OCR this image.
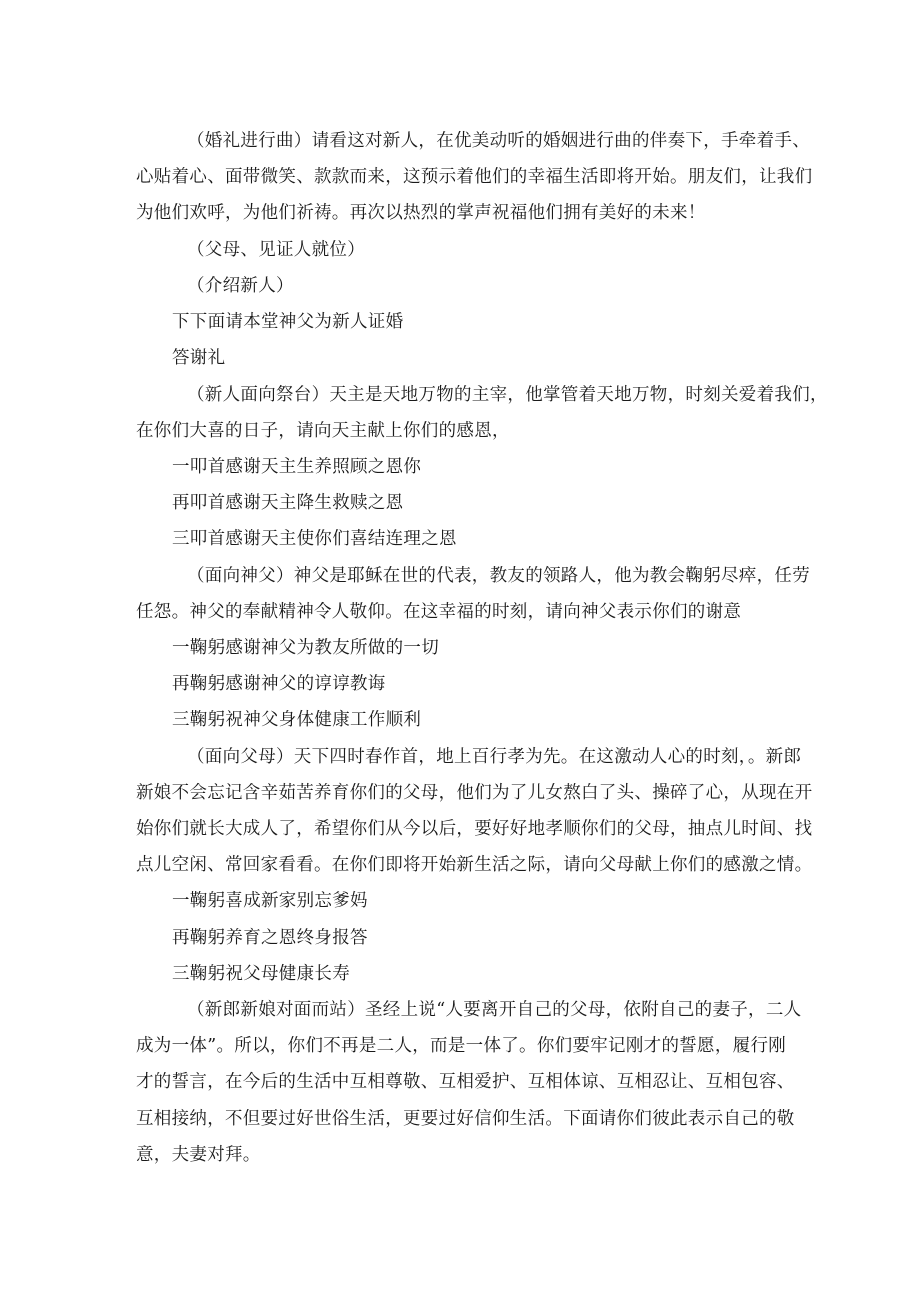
（婚礼进行曲）请看这对新人，在优美动听的婚姻进行曲的伴奏下，手牵着手、
心贴着心、面带微笑、款款而来，这预示着他们的幸福生活即将开始。朋友们，让我们
为他们欢呼，为他们祈祷。再次以热烈的掌声祝福他们拥有美好的未来！
（父母、见证人就位）
（介绍新人）
下下面请本堂神父为新人证婚
答谢礼
（新人面向祭台）天主是天地万物的主宰，他掌管着天地万物，时刻关爱着我们，
在你们大喜的日子，请向天主献上你们的感恩，
一叩首感谢天主生养照顾之恩你
再叩首感谢天主降生救赎之恩
三叩首感谢天主使你们喜结连理之恩
（面向神父）神父是耶稣在世的代表，教友的领路人，他为教会鞠躬尽瘁，任劳
任怨。神父的奉献精神令人敬仰。在这幸福的时刻，请向神父表示你们的谢意
一鞠躬感谢神父为教友所做的一切
再鞠躬感谢神父的谆谆教诲
三鞠躬祝神父身体健康工作顺利
（面向父母）天下四时春作首，地上百行孝为先。在这激动人心的时刻，。新郎
新娘不会忘记含辛茹苦养育你们的父母，他们为了儿女熬白了头、操碎了心，从现在开
始你们就长大成人了，希望你们从今以后，要好好地孝顺你们的父母，抽点儿时间、找
点儿空闲、常回家看看。在你们即将开始新生活之际，请向父母献上你们的感激之情。
一鞠躬喜成新家别忘爹妈
再鞠躬养育之恩终身报答
三鞠躬祝父母健康长寿
（新郎新娘对面而站）圣经上说“人要离开自己的父母，依附自己的妻子，二人
成为一体”。所以，你们不再是二人，而是一体了。你们要牢记刚才的誓愿，履行刚
才的誓言，在今后的生活中互相尊敬、互相爱护、互相体谅、互相忍让、互相包容、
互相接纳，不但要过好世俗生活，更要过好信仰生活。下面请你们彼此表示自己的敬
意，夫妻对拜。
